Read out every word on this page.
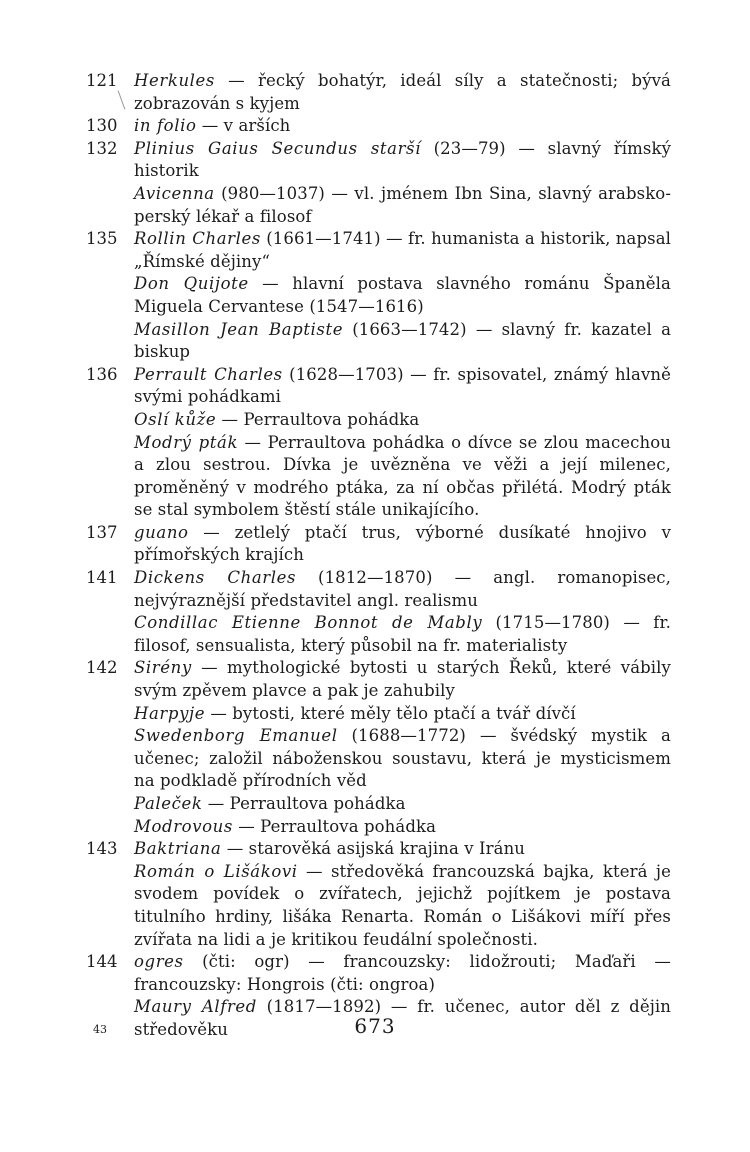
121	Herkules — řecký bohatýr, ideál síly a statečnosti; bývá zobrazován s kyjem
130	in folio — v arších
132	Plinius Gaius Secundus starší (23—79) — slavný římský historik
Avicenna (980—1037) — vl. jménem Ibn Sina, slavný arabsko-perský lékař a filosof
135	Rollin Charles (1661—1741) — fr. humanista a historik, napsal „Římské dějiny“
Don Quijote — hlavní postava slavného románu Španěla Miguela Cervantese (1547—1616)
Masillon Jean Baptiste (1663—1742) — slavný fr. kazatel a biskup
136	Perrault Charles (1628—1703) — fr. spisovatel, známý hlavně svými pohádkami
Oslí kůže — Perraultova pohádka
Modrý pták — Perraultova pohádka o dívce se zlou macechou a zlou sestrou. Dívka je uvězněna ve věži a její milenec, proměněný v modrého ptáka, za ní občas přilétá. Modrý pták se stal symbolem štěstí stále unikajícího.
137	guano — zetlelý ptačí trus, výborné dusíkaté hnojivo v přímořských krajích
141	Dickens Charles (1812—1870) — angl. romanopisec, nejvýraznější představitel angl. realismu
Condillac Etienne Bonnot de Mably (1715—1780) — fr. filosof, sensualista, který působil na fr. materialisty
142	Sirény — mythologické bytosti u starých Řeků, které vábily svým zpěvem plavce a pak je zahubily
Harpyje — bytosti, které měly tělo ptačí a tvář dívčí
Swedenborg Emanuel (1688—1772) — švédský mystik a učenec; založil náboženskou soustavu, která je mysticismem na podkladě přírodních věd
Paleček — Perraultova pohádka
Modrovous — Perraultova pohádka
143	Baktriana — starověká asijská krajina v Iránu
Román o Lišákovi — středověká francouzská bajka, která je svodem povídek o zvířatech, jejichž pojítkem je postava titulního hrdiny, lišáka Renarta. Román o Lišákovi míří přes zvířata na lidi a je kritikou feudální společnosti.
144	ogres (čti: ogr) — francouzsky: lidožrouti; Maďaři — francouzsky: Hongrois (čti: ongroa)
Maury Alfred (1817—1892) — fr. učenec, autor děl z dějin středověku
43	673
